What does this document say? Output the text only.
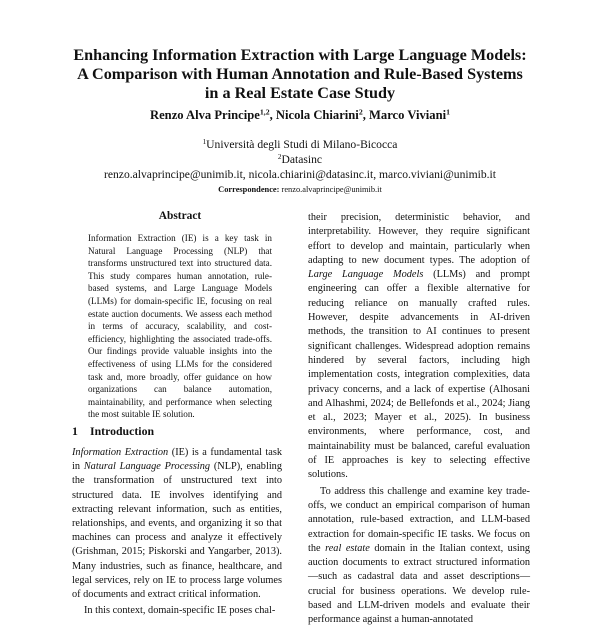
Enhancing Information Extraction with Large Language Models:
A Comparison with Human Annotation and Rule-Based Systems
in a Real Estate Case Study
Renzo Alva Principe$^{1,2}$, Nicola Chiarini$^2$, Marco Viviani$^1$
$^1$Università degli Studi di Milano-Bicocca
$^2$Datasinc
renzo.alvaprincipe@unimib.it, nicola.chiarini@datasinc.it, marco.viviani@unimib.it
Correspondence: renzo.alvaprincipe@unimib.it
Abstract
Information Extraction (IE) is a key task in Natural Language Processing (NLP) that transforms unstructured text into structured data. This study compares human annotation, rule-based systems, and Large Language Models (LLMs) for domain-specific IE, focusing on real estate auction documents. We assess each method in terms of accuracy, scalability, and cost-efficiency, highlighting the associated trade-offs. Our findings provide valuable insights into the effectiveness of using LLMs for the considered task and, more broadly, offer guidance on how organizations can balance automation, maintainability, and performance when selecting the most suitable IE solution.
1 Introduction

Information Extraction (IE) is a fundamental task in Natural Language Processing (NLP), enabling the transformation of unstructured text into structured data. IE involves identifying and extracting relevant information, such as entities, relationships, and events, and organizing it so that machines can process and analyze it effectively (Grishman, 2015; Piskorski and Yangarber, 2013). Many industries, such as finance, healthcare, and legal services, rely on IE to process large volumes of documents and extract critical information.

In this context, domain-specific IE poses chal-

their precision, deterministic behavior, and interpretability. However, they require significant effort to develop and maintain, particularly when adapting to new document types. The adoption of Large Language Models (LLMs) and prompt engineering can offer a flexible alternative for reducing reliance on manually crafted rules. However, despite advancements in AI-driven methods, the transition to AI continues to present significant challenges. Widespread adoption remains hindered by several factors, including high implementation costs, integration complexities, data privacy concerns, and a lack of expertise (Alhosani and Alhashmi, 2024; de Bellefonds et al., 2024; Jiang et al., 2023; Mayer et al., 2025). In business environments, where performance, cost, and maintainability must be balanced, careful evaluation of IE approaches is key to selecting effective solutions.

To address this challenge and examine key trade-offs, we conduct an empirical comparison of human annotation, rule-based extraction, and LLM-based extraction for domain-specific IE tasks. We focus on the real estate domain in the Italian context, using auction documents to extract structured information—such as cadastral data and asset descriptions—crucial for business operations. We develop rule-based and LLM-driven models and evaluate their performance against a human-annotated
